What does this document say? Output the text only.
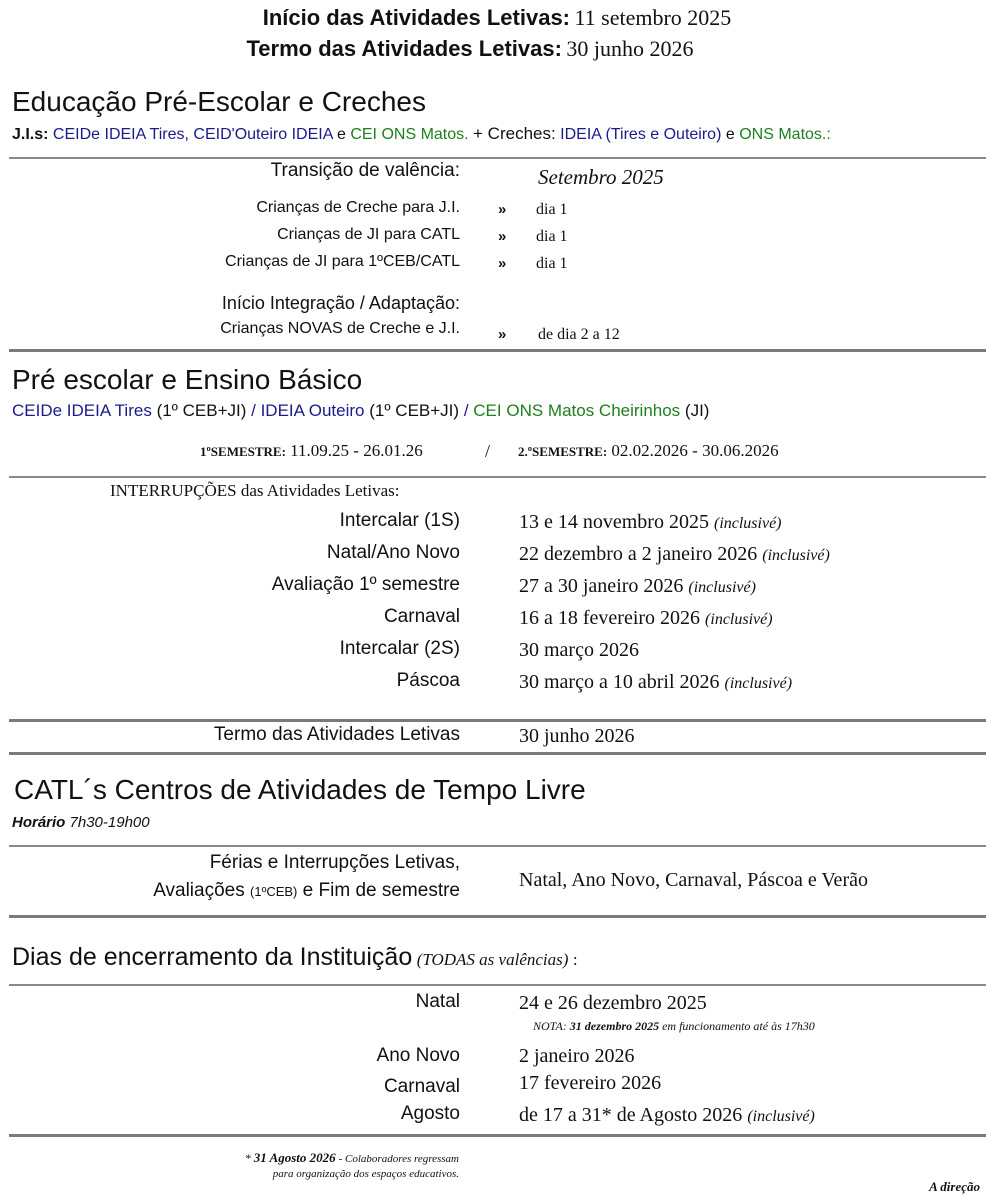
Início das Atividades Letivas: 11 setembro 2025
Termo das Atividades Letivas: 30 junho 2026
Educação Pré-Escolar e Creches
J.I.s: CEIDe IDEIA Tires, CEID'Outeiro IDEIA e CEI ONS Matos. + Creches: IDEIA (Tires e Outeiro) e ONS Matos.:
Transição de valência:	Setembro 2025
Crianças de Creche para J.I.	» dia 1
Crianças de JI para CATL	» dia 1
Crianças de JI para 1ºCEB/CATL	» dia 1
Início Integração / Adaptação:
Crianças NOVAS de Creche e J.I.	» de dia 2 a 12
Pré escolar e Ensino Básico
CEIDe IDEIA Tires (1º CEB+JI) / IDEIA Outeiro (1º CEB+JI) / CEI ONS Matos Cheirinhos (JI)
1ºSEMESTRE: 11.09.25 - 26.01.26	/ 2.ºSEMESTRE: 02.02.2026 - 30.06.2026
INTERRUPÇÕES das Atividades Letivas:
Intercalar (1S)	13 e 14 novembro 2025 (inclusivé)
Natal/Ano Novo	22 dezembro a 2 janeiro 2026 (inclusivé)
Avaliação 1º semestre	27 a 30 janeiro 2026 (inclusivé)
Carnaval	16 a 18 fevereiro 2026 (inclusivé)
Intercalar (2S)	30 março 2026
Páscoa	30 março a 10 abril 2026 (inclusivé)
Termo das Atividades Letivas	30 junho 2026
CATL´s Centros de Atividades de Tempo Livre
Horário 7h30-19h00
Férias e Interrupções Letivas,
Avaliações (1ºCEB) e Fim de semestre	Natal, Ano Novo, Carnaval, Páscoa e Verão
Dias de encerramento da Instituição (TODAS as valências) :
Natal	24 e 26 dezembro 2025
NOTA: 31 dezembro 2025 em funcionamento até às 17h30
Ano Novo	2 janeiro 2026
Carnaval	17 fevereiro 2026
Agosto	de 17 a 31* de Agosto 2026 (inclusivé)
* 31 Agosto 2026 - Colaboradores regressam
para organização dos espaços educativos.
A direção
